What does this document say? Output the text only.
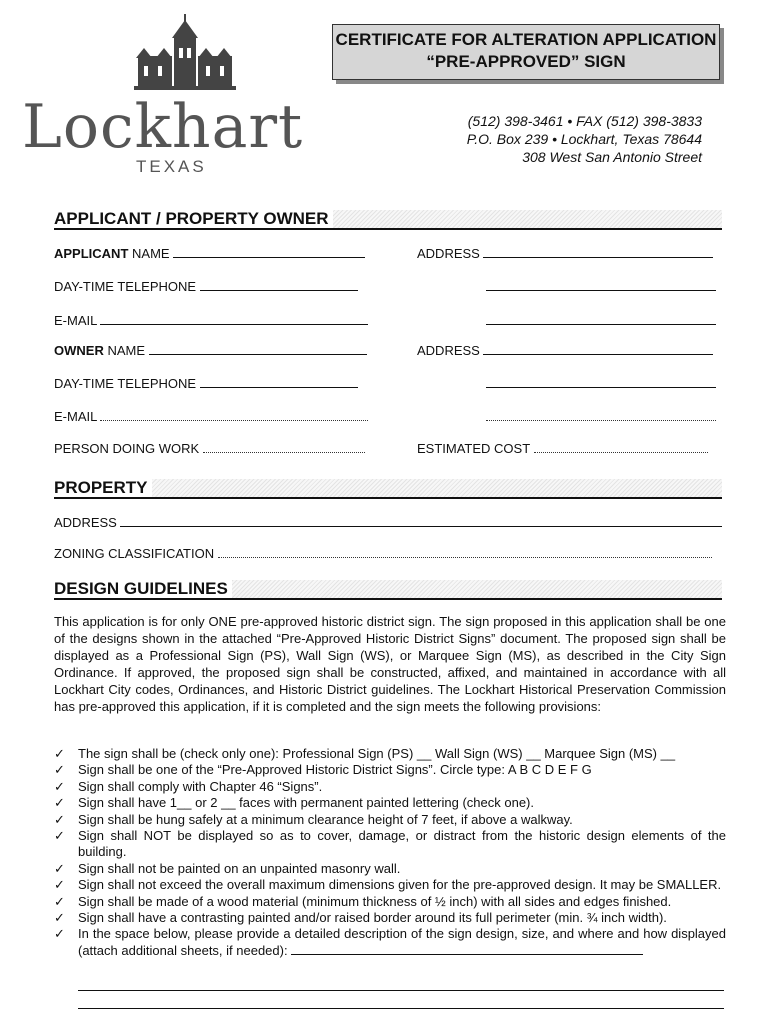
Lockhart
TEXAS
CERTIFICATE FOR ALTERATION APPLICATION
“PRE-APPROVED” SIGN
(512) 398-3461 • FAX (512) 398-3833
P.O. Box 239 • Lockhart, Texas 78644
308 West San Antonio Street
APPLICANT / PROPERTY OWNER
APPLICANT NAME	ADDRESS
DAY-TIME TELEPHONE
E-MAIL
OWNER NAME	ADDRESS
DAY-TIME TELEPHONE
E-MAIL
PERSON DOING WORK	ESTIMATED COST
PROPERTY
ADDRESS
ZONING CLASSIFICATION
DESIGN GUIDELINES
This application is for only ONE pre-approved historic district sign. The sign proposed in this application shall be one of the designs shown in the attached “Pre-Approved Historic District Signs” document. The proposed sign shall be displayed as a Professional Sign (PS), Wall Sign (WS), or Marquee Sign (MS), as described in the City Sign Ordinance. If approved, the proposed sign shall be constructed, affixed, and maintained in accordance with all Lockhart City codes, Ordinances, and Historic District guidelines. The Lockhart Historical Preservation Commission has pre-approved this application, if it is completed and the sign meets the following provisions:
✓ The sign shall be (check only one): Professional Sign (PS) __ Wall Sign (WS) __ Marquee Sign (MS) __
✓ Sign shall be one of the “Pre-Approved Historic District Signs”. Circle type: A B C D E F G
✓ Sign shall comply with Chapter 46 “Signs”.
✓ Sign shall have 1__ or 2 __ faces with permanent painted lettering (check one).
✓ Sign shall be hung safely at a minimum clearance height of 7 feet, if above a walkway.
✓ Sign shall NOT be displayed so as to cover, damage, or distract from the historic design elements of the building.
✓ Sign shall not be painted on an unpainted masonry wall.
✓ Sign shall not exceed the overall maximum dimensions given for the pre-approved design. It may be SMALLER.
✓ Sign shall be made of a wood material (minimum thickness of ½ inch) with all sides and edges finished.
✓ Sign shall have a contrasting painted and/or raised border around its full perimeter (min. ¾ inch width).
✓ In the space below, please provide a detailed description of the sign design, size, and where and how displayed (attach additional sheets, if needed):
